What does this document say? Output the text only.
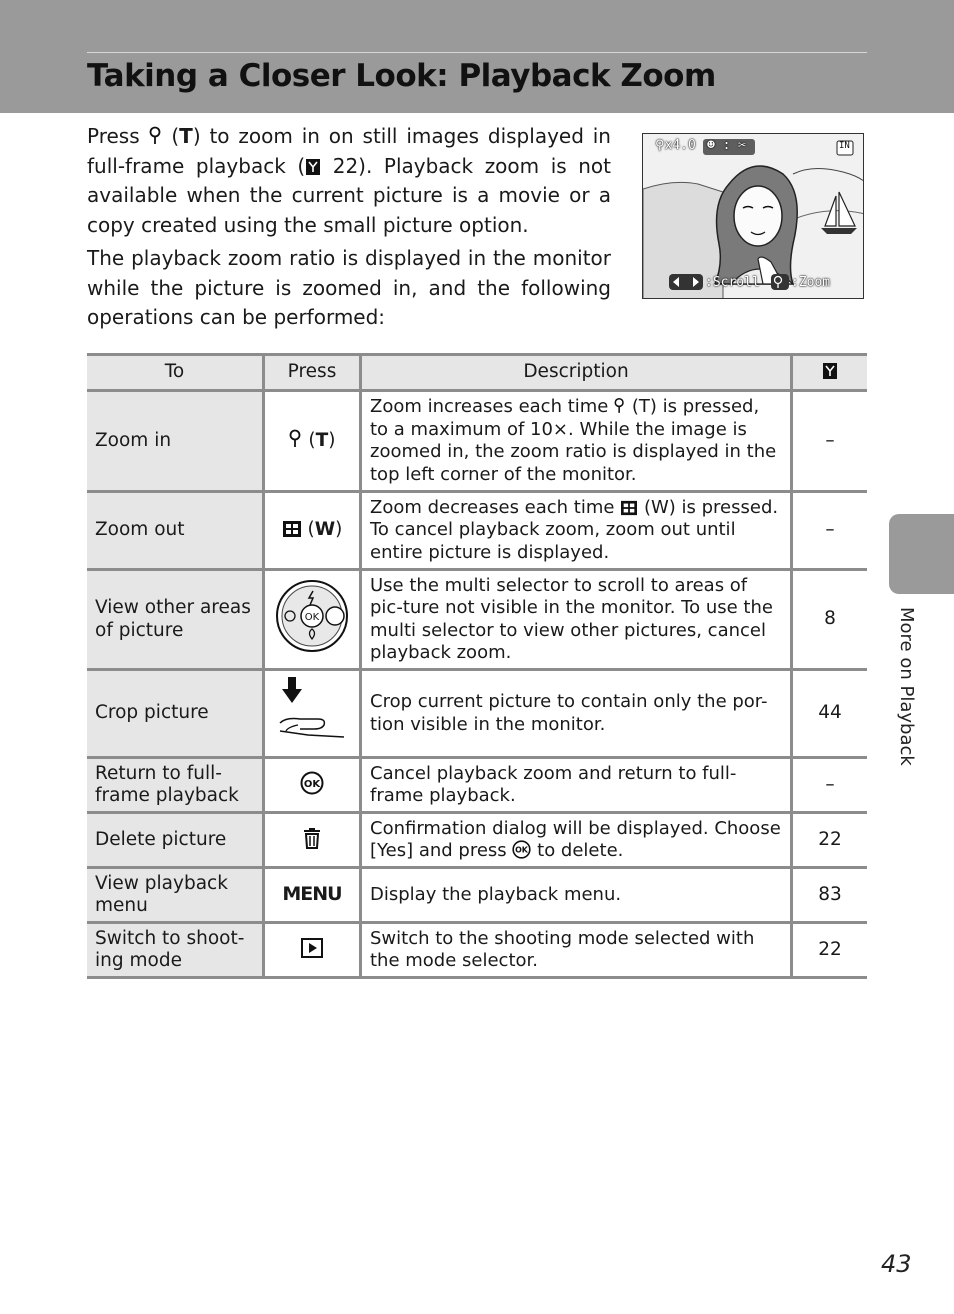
Taking a Closer Look: Playback Zoom

Press  (T) to zoom in on still images displayed in full-frame playback ( 22). Playback zoom is not available when the current picture is a movie or a copy created using the small picture option.

The playback zoom ratio is displayed in the monitor while the picture is zoomed in, and the following operations can be performed:

⚲x4.0 ☻ : ✂	IN
:Scroll :Zoom
To	Press	Description	
Zoom in	(T)	Zoom increases each time (T) is pressed, to a maximum of 10×. While the image is zoomed in, the zoom ratio is displayed in the top left corner of the monitor.	–
Zoom out	(W)	Zoom decreases each time (W) is pressed. To cancel playback zoom, zoom out until entire picture is displayed.	–
View other areas of picture	OK	Use the multi selector to scroll to areas of pic-ture not visible in the monitor. To use the multi selector to view other pictures, cancel playback zoom.	8
Crop picture		Crop current picture to contain only the por-tion visible in the monitor.	44
Return to full-frame playback	OK	Cancel playback zoom and return to full-frame playback.	–
Delete picture		Confirmation dialog will be displayed. Choose [Yes] and press OK to delete.	22
View playback menu	MENU	Display the playback menu.	83
Switch to shoot-ing mode		Switch to the shooting mode selected with the mode selector.	22
More on Playback
43
